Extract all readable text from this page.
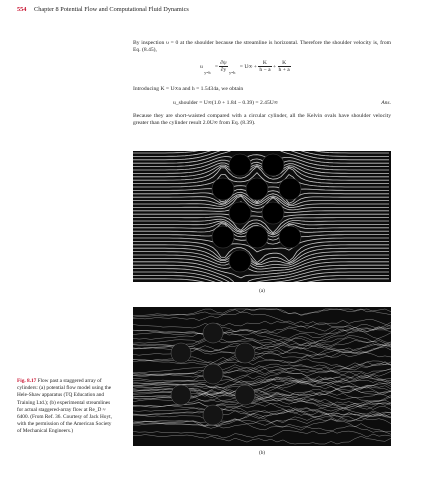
554 Chapter 8 Potential Flow and Computational Fluid Dynamics
By inspection υ = 0 at the shoulder because the streamline is horizontal. Therefore the shoulder velocity is, from Eq. (8.45),
u $_{y=h} = \frac{\partial\psi}{\partial y} _{y=h} = U\infty + \frac{K}{h - a} + \frac{K}{h + a}$
Introducing K = U∞a and h = 1.5434a, we obtain
u_shoulder = U∞(1.0 + 1.84 − 0.39) = 2.45U∞	Ans.
Because they are short-waisted compared with a circular cylinder, all the Kelvin ovals have shoulder velocity greater than the cylinder result 2.0U∞ from Eq. (8.39).
(a)
(b)
Fig. 8.17 Flow past a staggered array of cylinders: (a) potential flow model using the Hele-Shaw apparatus (TQ Education and Training Ltd.); (b) experimental streamlines for actual staggered-array flow at Re_D ≈ 6400. (From Ref. 36. Courtesy of Jack Hoyt, with the permission of the American Society of Mechanical Engineers.)
